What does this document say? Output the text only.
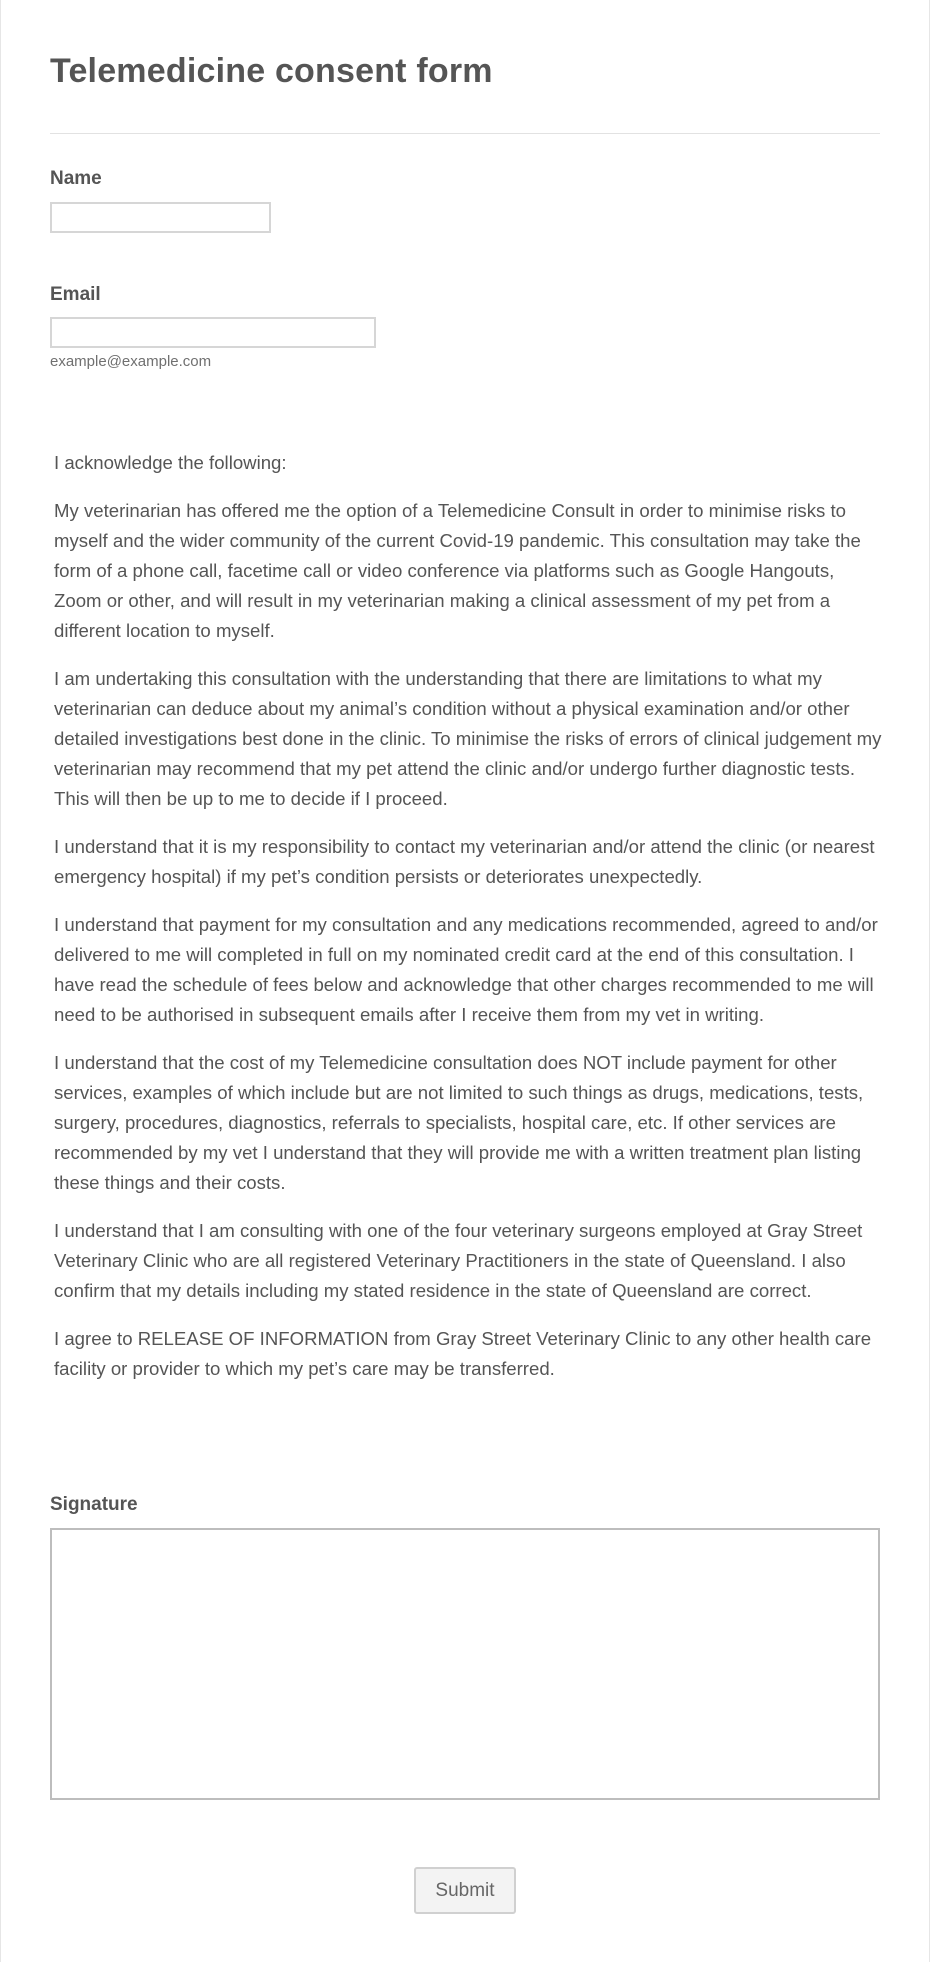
Telemedicine consent form
Name
Email
example@example.com

I acknowledge the following:

My veterinarian has offered me the option of a Telemedicine Consult in order to minimise risks to myself and the wider community of the current Covid-19 pandemic. This consultation may take the form of a phone call, facetime call or video conference via platforms such as Google Hangouts, Zoom or other, and will result in my veterinarian making a clinical assessment of my pet from a different location to myself.

I am undertaking this consultation with the understanding that there are limitations to what my veterinarian can deduce about my animal’s condition without a physical examination and/or other detailed investigations best done in the clinic. To minimise the risks of errors of clinical judgement my veterinarian may recommend that my pet attend the clinic and/or undergo further diagnostic tests. This will then be up to me to decide if I proceed.

I understand that it is my responsibility to contact my veterinarian and/or attend the clinic (or nearest emergency hospital) if my pet’s condition persists or deteriorates unexpectedly.

I understand that payment for my consultation and any medications recommended, agreed to and/or delivered to me will completed in full on my nominated credit card at the end of this consultation. I have read the schedule of fees below and acknowledge that other charges recommended to me will need to be authorised in subsequent emails after I receive them from my vet in writing.

I understand that the cost of my Telemedicine consultation does NOT include payment for other services, examples of which include but are not limited to such things as drugs, medications, tests, surgery, procedures, diagnostics, referrals to specialists, hospital care, etc. If other services are recommended by my vet I understand that they will provide me with a written treatment plan listing these things and their costs.

I understand that I am consulting with one of the four veterinary surgeons employed at Gray Street Veterinary Clinic who are all registered Veterinary Practitioners in the state of Queensland. I also confirm that my details including my stated residence in the state of Queensland are correct.

I agree to RELEASE OF INFORMATION from Gray Street Veterinary Clinic to any other health care facility or provider to which my pet’s care may be transferred.

Signature
Submit
